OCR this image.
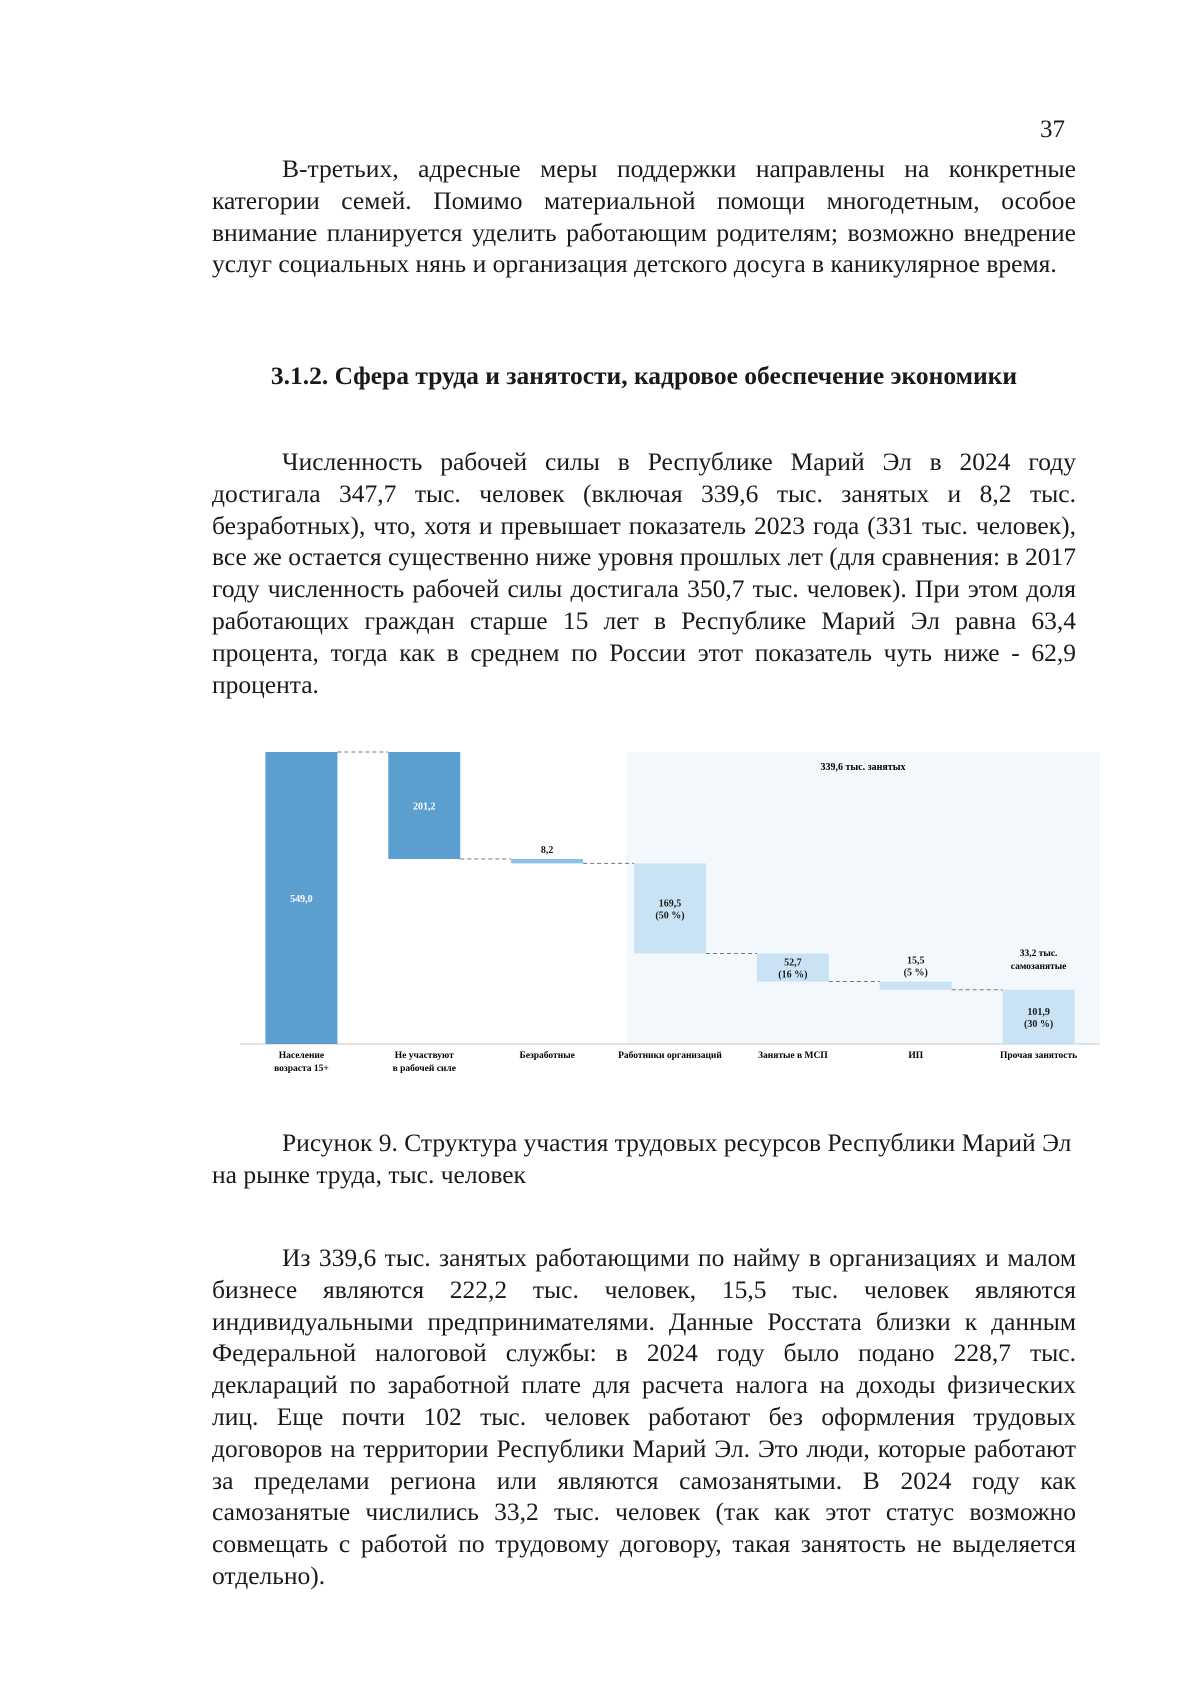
37

В-третьих, адресные меры поддержки направлены на конкретные категории семей. Помимо материальной помощи многодетным, особое внимание планируется уделить работающим родителям; возможно внедрение услуг социальных нянь и организация детского досуга в каникулярное время.

3.1.2. Сфера труда и занятости, кадровое обеспечение экономики

Численность рабочей силы в Республике Марий Эл в 2024 году достигала 347,7 тыс. человек (включая 339,6 тыс. занятых и 8,2 тыс. безработных), что, хотя и превышает показатель 2023 года (331 тыс. человек), все же остается существенно ниже уровня прошлых лет (для сравнения: в 2017 году численность рабочей силы достигала 350,7 тыс. человек). При этом доля работающих граждан старше 15 лет в Республике Марий Эл равна 63,4 процента, тогда как в среднем по России этот показатель чуть ниже - 62,9 процента.

339,6 тыс. занятых
549,0
201,2
8,2
169,5
(50 %)
52,7
(16 %)
15,5
(5 %)
101,9
(30 %)
Население
возраста 15+
Не участвуют
в рабочей силе
Безработные	Работники организаций	Занятые в МСП	ИП	Прочая занятость
33,2 тыс.
самозанятые

Рисунок 9. Структура участия трудовых ресурсов Республики Марий Эл на рынке труда, тыс. человек

Из 339,6 тыс. занятых работающими по найму в организациях и малом бизнесе являются 222,2 тыс. человек, 15,5 тыс. человек являются индивидуальными предпринимателями. Данные Росстата близки к данным Федеральной налоговой службы: в 2024 году было подано 228,7 тыс. деклараций по заработной плате для расчета налога на доходы физических лиц. Еще почти 102 тыс. человек работают без оформления трудовых договоров на территории Республики Марий Эл. Это люди, которые работают за пределами региона или являются самозанятыми. В 2024 году как самозанятые числились 33,2 тыс. человек (так как этот статус возможно совмещать с работой по трудовому договору, такая занятость не выделяется отдельно).
